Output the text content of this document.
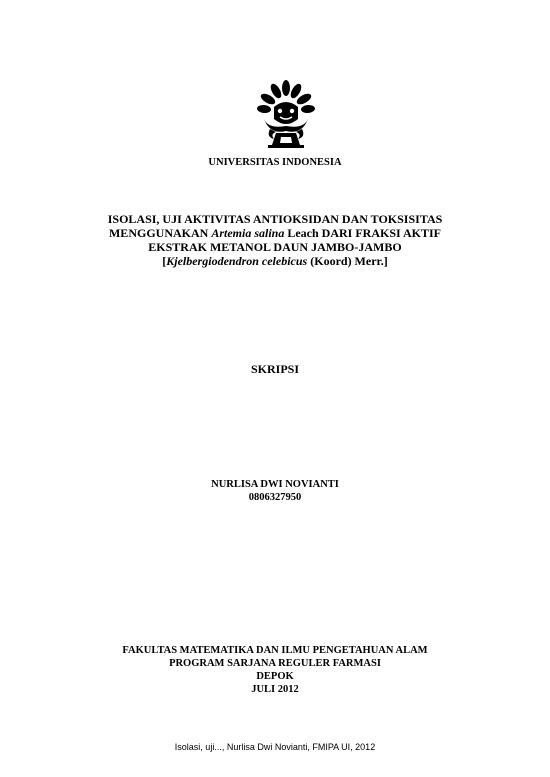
UNIVERSITAS INDONESIA
ISOLASI, UJI AKTIVITAS ANTIOKSIDAN DAN TOKSISITAS
MENGGUNAKAN Artemia salina Leach DARI FRAKSI AKTIF
EKSTRAK METANOL DAUN JAMBO-JAMBO
[Kjelbergiodendron celebicus (Koord) Merr.]
SKRIPSI
NURLISA DWI NOVIANTI
0806327950
FAKULTAS MATEMATIKA DAN ILMU PENGETAHUAN ALAM
PROGRAM SARJANA REGULER FARMASI
DEPOK
JULI 2012
Isolasi, uji..., Nurlisa Dwi Novianti, FMIPA UI, 2012
